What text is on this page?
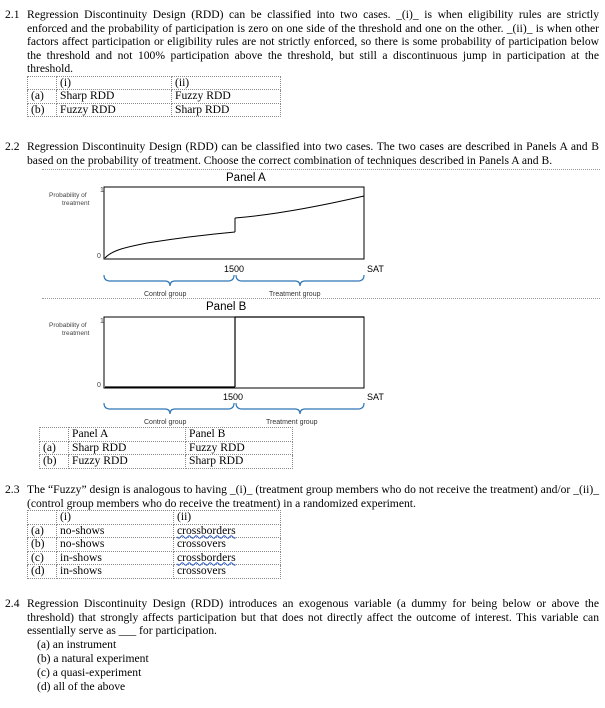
2.1 Regression Discontinuity Design (RDD) can be classified into two cases. _(i)_ is when eligibility rules are strictly enforced and the probability of participation is zero on one side of the threshold and one on the other. _(ii)_ is when other factors affect participation or eligibility rules are not strictly enforced, so there is some probability of participation below the threshold and not 100% participation above the threshold, but still a discontinuous jump in participation at the threshold.
	(i)	(ii)
(a)	Sharp RDD	Fuzzy RDD
(b)	Fuzzy RDD	Sharp RDD
2.2 Regression Discontinuity Design (RDD) can be classified into two cases. The two cases are described in Panels A and B based on the probability of treatment. Choose the correct combination of techniques described in Panels A and B.
Panel A
Probability of
treatment
1
0
1500	SAT
Control group	Treatment group
Panel B
Probability of
treatment
1
0
1500	SAT
Control group	Treatment group
	Panel A	Panel B
(a)	Sharp RDD	Fuzzy RDD
(b)	Fuzzy RDD	Sharp RDD
2.3 The “Fuzzy” design is analogous to having _(i)_ (treatment group members who do not receive the treatment) and/or _(ii)_ (control group members who do receive the treatment) in a randomized experiment.
	(i)	(ii)
(a)	no-shows	crossborders
(b)	no-shows	crossovers
(c)	in-shows	crossborders
(d)	in-shows	crossovers
2.4 Regression Discontinuity Design (RDD) introduces an exogenous variable (a dummy for being below or above the threshold) that strongly affects participation but that does not directly affect the outcome of interest. This variable can essentially serve as ___ for participation.
(a) an instrument
(b) a natural experiment
(c) a quasi-experiment
(d) all of the above
